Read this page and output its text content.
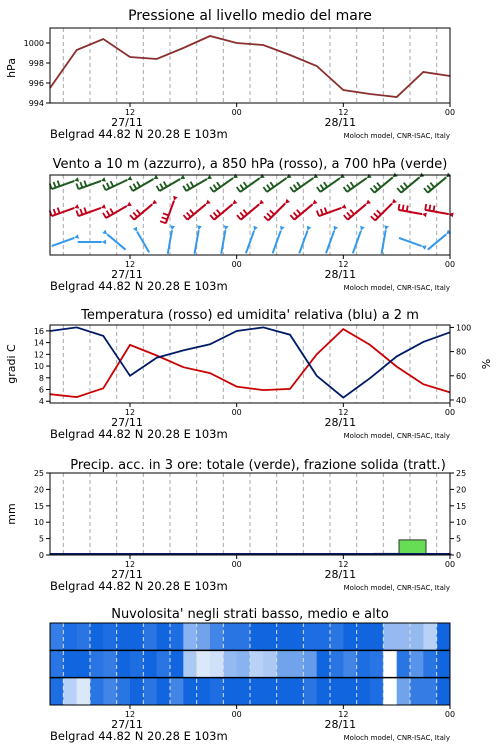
Pressione al livello medio del mare
hPa
994
996
998
1000
12	00	12	00
27/11	28/11
Belgrad 44.82 N 20.28 E 103m	Moloch model, CNR-ISAC, Italy
Vento a 10 m (azzurro), a 850 hPa (rosso), a 700 hPa (verde)
12	00	12	00
27/11	28/11
Belgrad 44.82 N 20.28 E 103m	Moloch model, CNR-ISAC, Italy
Temperatura (rosso) ed umidita' relativa (blu) a 2 m
gradi C	%
4
6
8
10
12
14
16
40
60
80
100
12	00	12	00
27/11	28/11
Belgrad 44.82 N 20.28 E 103m	Moloch model, CNR-ISAC, Italy
Precip. acc. in 3 ore: totale (verde), frazione solida (tratt.)
mm
0
5
10
15
20
25
0
5
10
15
20
25
12	00	12	00
27/11	28/11
Belgrad 44.82 N 20.28 E 103m	Moloch model, CNR-ISAC, Italy
Nuvolosita' negli strati basso, medio e alto
12	00	12	00
27/11	28/11
Belgrad 44.82 N 20.28 E 103m	Moloch model, CNR-ISAC, Italy
